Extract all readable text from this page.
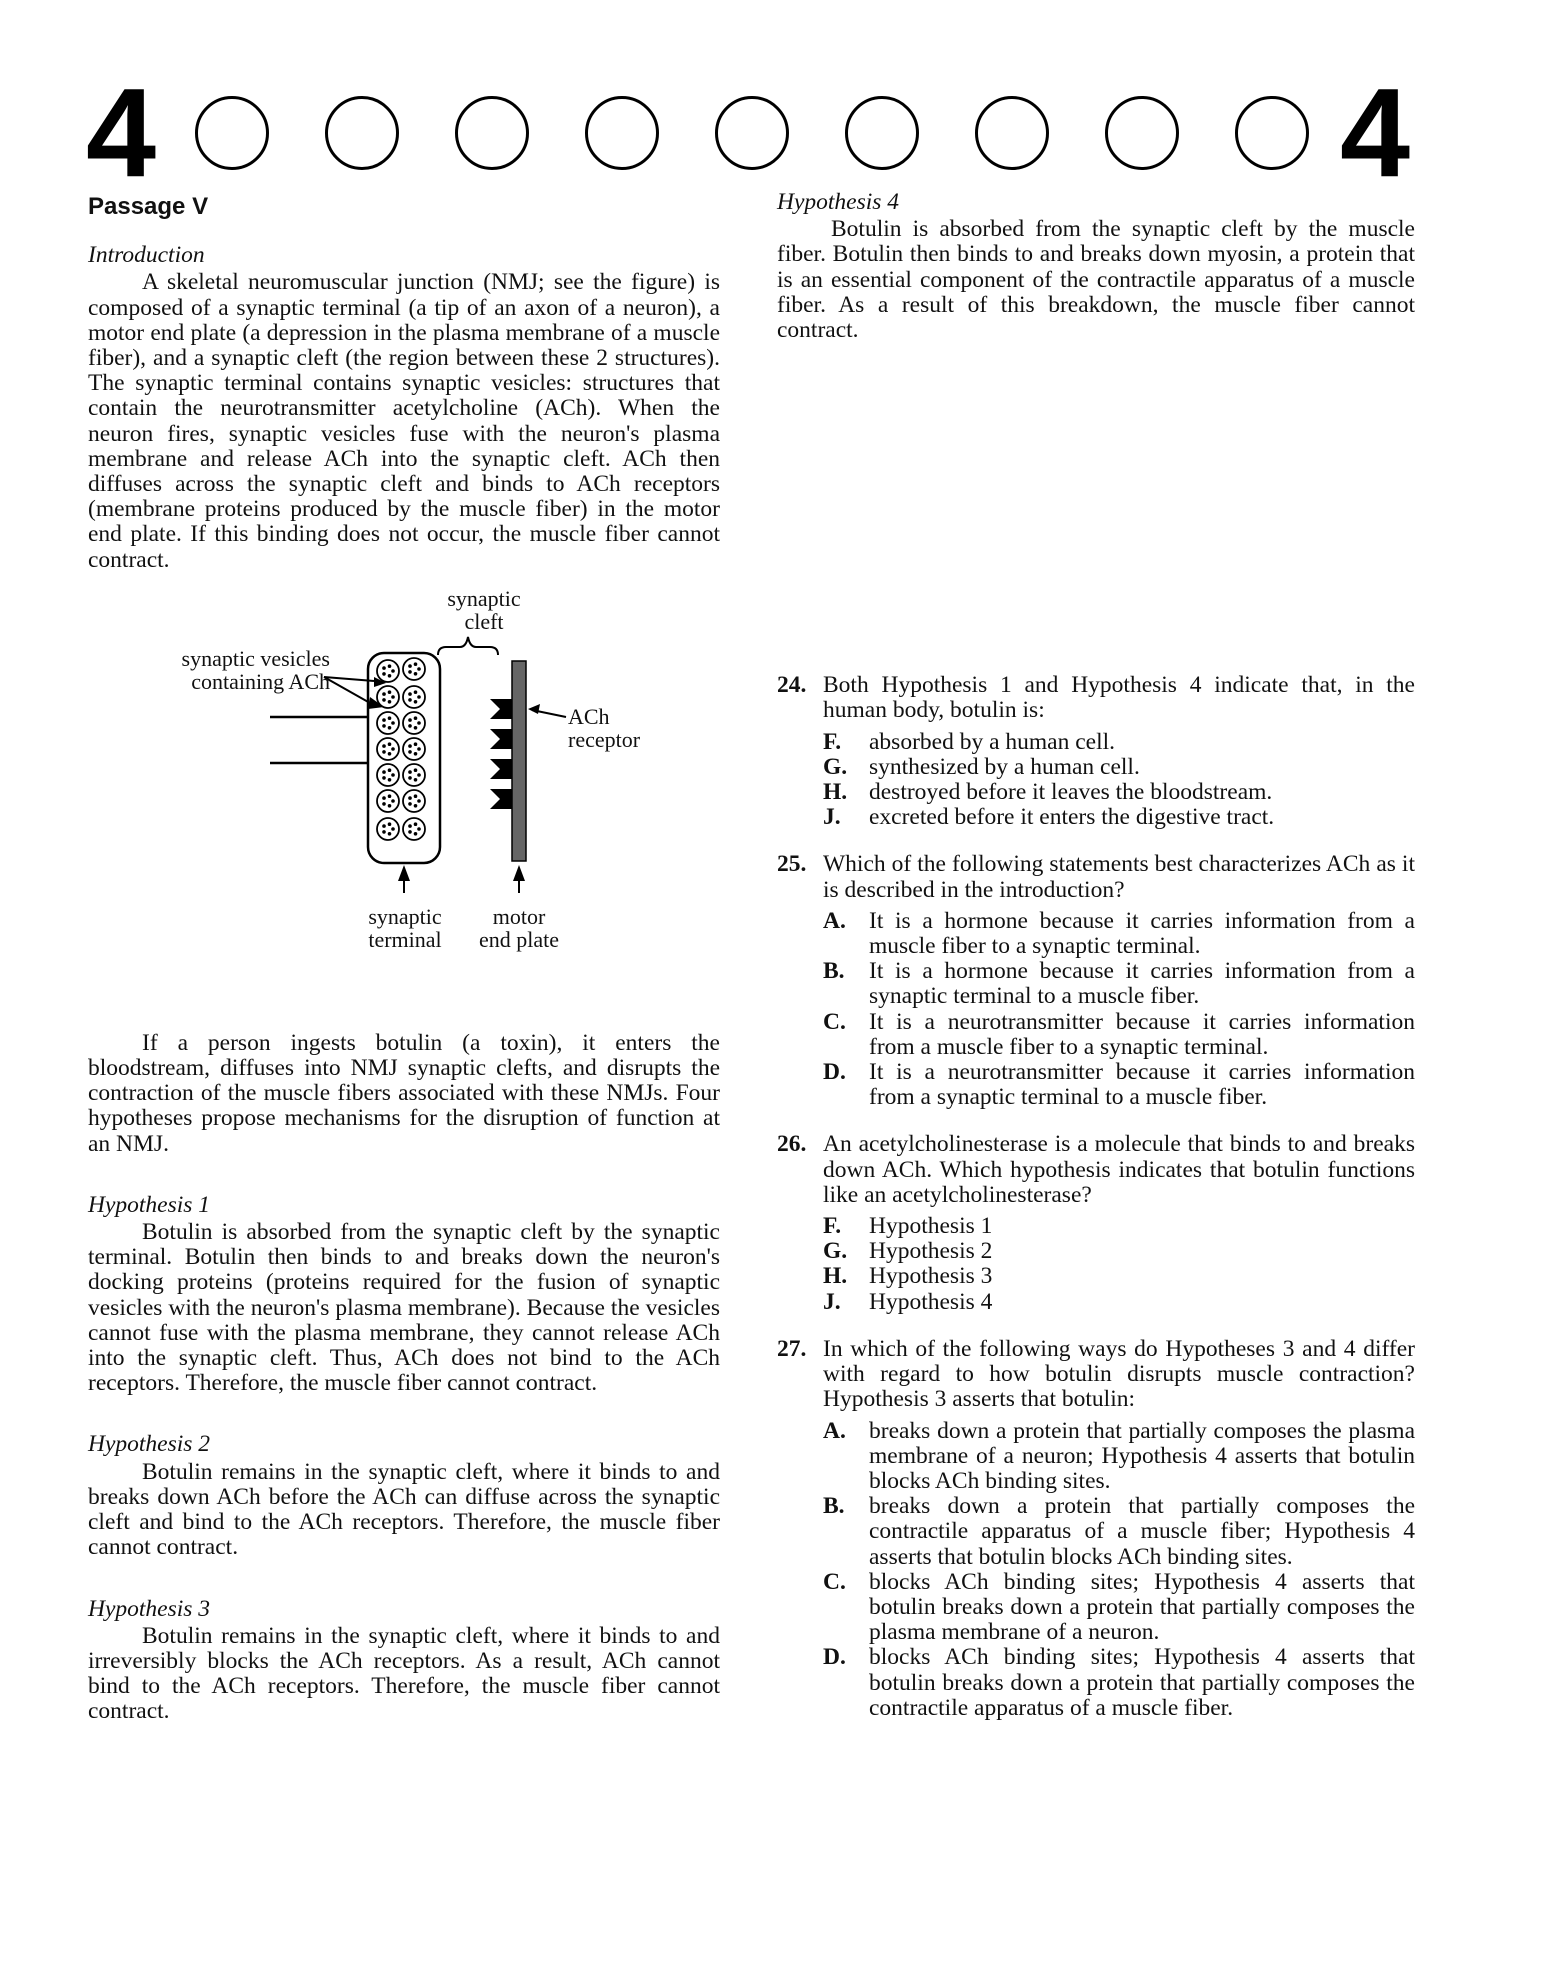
4	4
Passage V
Introduction

A skeletal neuromuscular junction (NMJ; see the figure) is composed of a synaptic terminal (a tip of an axon of a neuron), a motor end plate (a depression in the plasma membrane of a muscle fiber), and a synaptic cleft (the region between these 2 structures). The synaptic terminal contains synaptic vesicles: structures that contain the neurotransmitter acetylcholine (ACh). When the neuron fires, synaptic vesicles fuse with the neuron's plasma membrane and release ACh into the synaptic cleft. ACh then diffuses across the synaptic cleft and binds to ACh receptors (membrane proteins produced by the muscle fiber) in the motor end plate. If this binding does not occur, the muscle fiber cannot contract.

synaptic cleft
synaptic vesicles
containing ACh
ACh
receptor
synaptic
terminal
motor
end plate

If a person ingests botulin (a toxin), it enters the bloodstream, diffuses into NMJ synaptic clefts, and disrupts the contraction of the muscle fibers associated with these NMJs. Four hypotheses propose mechanisms for the disruption of function at an NMJ.

Hypothesis 1

Botulin is absorbed from the synaptic cleft by the synaptic terminal. Botulin then binds to and breaks down the neuron's docking proteins (proteins required for the fusion of synaptic vesicles with the neuron's plasma membrane). Because the vesicles cannot fuse with the plasma membrane, they cannot release ACh into the synaptic cleft. Thus, ACh does not bind to the ACh receptors. Therefore, the muscle fiber cannot contract.

Hypothesis 2

Botulin remains in the synaptic cleft, where it binds to and breaks down ACh before the ACh can diffuse across the synaptic cleft and bind to the ACh receptors. Therefore, the muscle fiber cannot contract.

Hypothesis 3

Botulin remains in the synaptic cleft, where it binds to and irreversibly blocks the ACh receptors. As a result, ACh cannot bind to the ACh receptors. Therefore, the muscle fiber cannot contract.

Hypothesis 4

Botulin is absorbed from the synaptic cleft by the muscle fiber. Botulin then binds to and breaks down myosin, a protein that is an essential component of the contractile apparatus of a muscle fiber. As a result of this breakdown, the muscle fiber cannot contract.

24. Both Hypothesis 1 and Hypothesis 4 indicate that, in the human body, botulin is:
F. absorbed by a human cell.
G. synthesized by a human cell.
H. destroyed before it leaves the bloodstream.
J. excreted before it enters the digestive tract.
25. Which of the following statements best characterizes ACh as it is described in the introduction?
A. It is a hormone because it carries information from a muscle fiber to a synaptic terminal.
B. It is a hormone because it carries information from a synaptic terminal to a muscle fiber.
C. It is a neurotransmitter because it carries information from a muscle fiber to a synaptic terminal.
D. It is a neurotransmitter because it carries information from a synaptic terminal to a muscle fiber.
26. An acetylcholinesterase is a molecule that binds to and breaks down ACh. Which hypothesis indicates that botulin functions like an acetylcholinesterase?
F. Hypothesis 1
G. Hypothesis 2
H. Hypothesis 3
J. Hypothesis 4
27. In which of the following ways do Hypotheses 3 and 4 differ with regard to how botulin disrupts muscle contraction? Hypothesis 3 asserts that botulin:
A. breaks down a protein that partially composes the plasma membrane of a neuron; Hypothesis 4 asserts that botulin blocks ACh binding sites.
B. breaks down a protein that partially composes the contractile apparatus of a muscle fiber; Hypothesis 4 asserts that botulin blocks ACh binding sites.
C. blocks ACh binding sites; Hypothesis 4 asserts that botulin breaks down a protein that partially composes the plasma membrane of a neuron.
D. blocks ACh binding sites; Hypothesis 4 asserts that botulin breaks down a protein that partially composes the contractile apparatus of a muscle fiber.
